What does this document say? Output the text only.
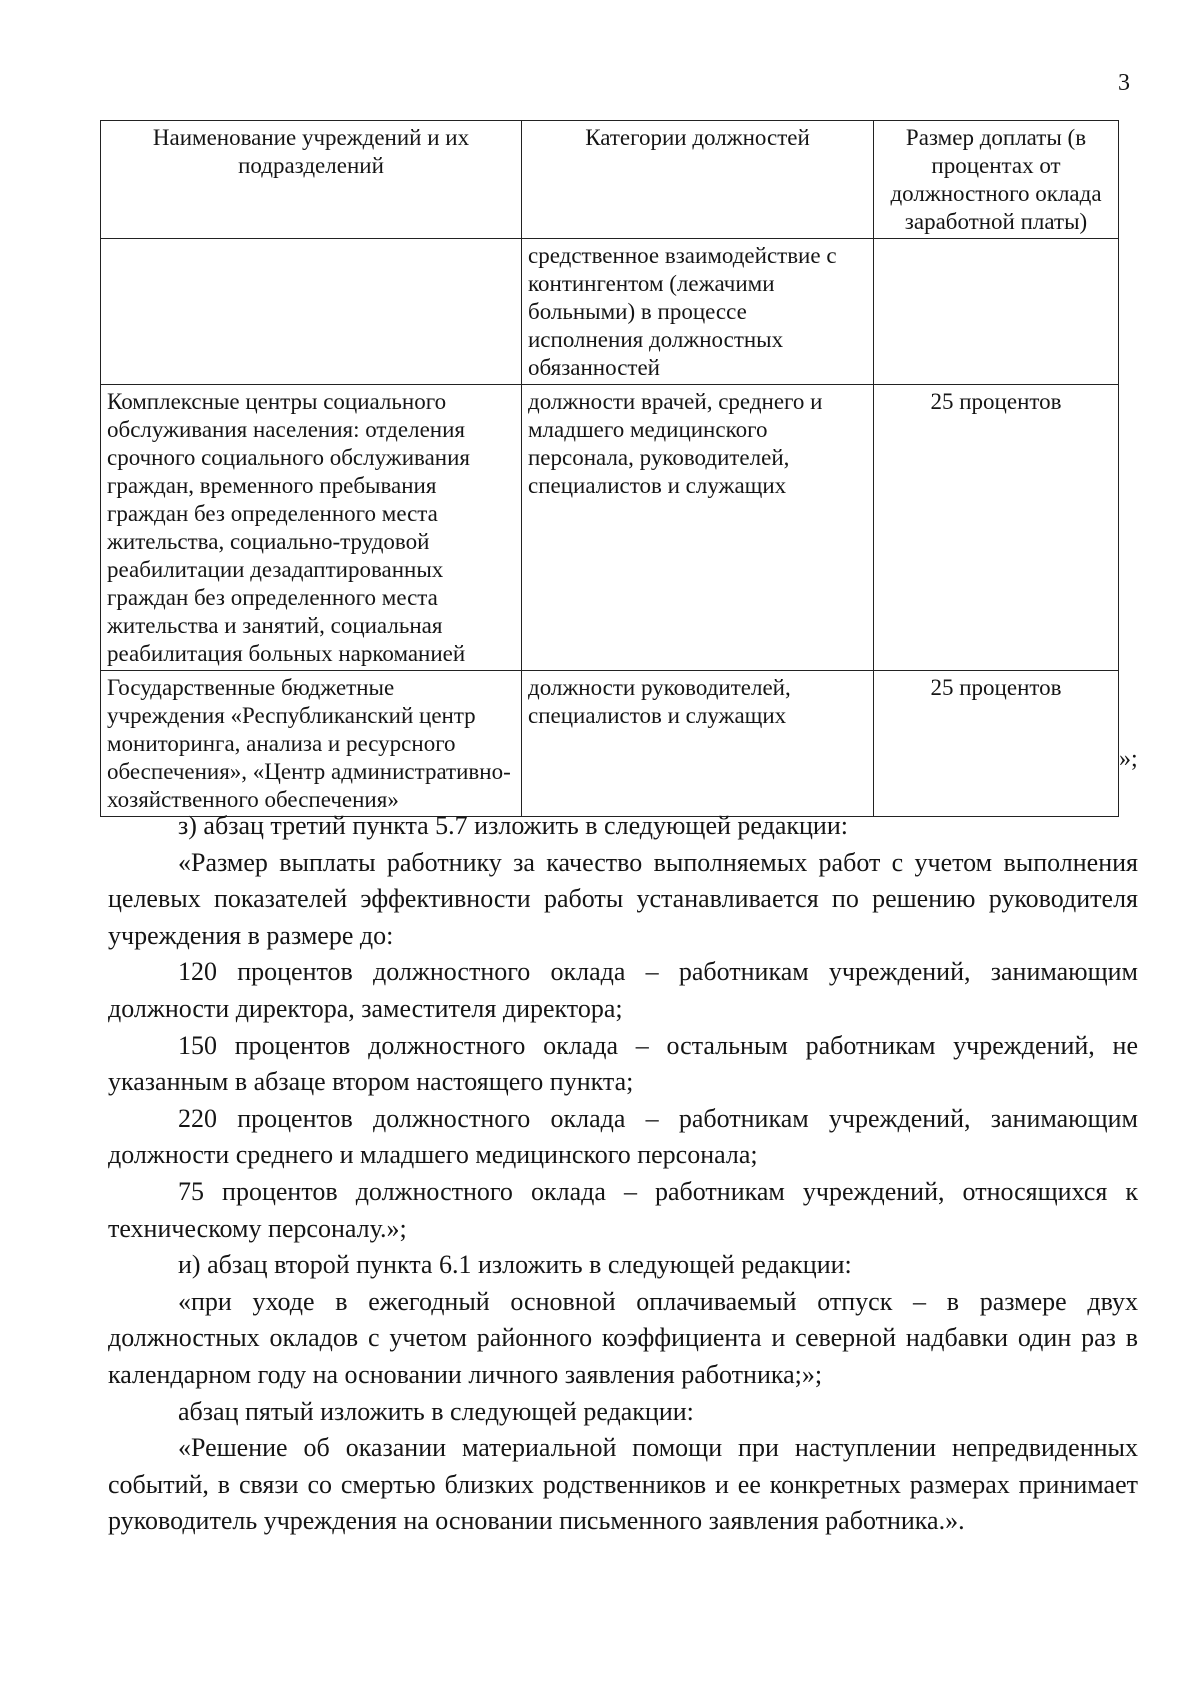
3
Наименование учреждений и их подразделений	Категории должностей	Размер доплаты (в процентах от должностного оклада заработной платы)
	средственное взаимодействие с контингентом (лежачими больными) в процессе исполнения должностных обязанностей	
Комплексные центры социального обслуживания населения: отделения срочного социального обслуживания граждан, временного пребывания граждан без определенного места жительства, социально-трудовой реабилитации дезадаптированных граждан без определенного места жительства и занятий, социальная реабилитация больных наркоманией	должности врачей, среднего и младшего медицинского персонала, руководителей, специалистов и служащих	25 процентов
Государственные бюджетные учреждения «Республиканский центр мониторинга, анализа и ресурсного обеспечения», «Центр административно-хозяйственного обеспечения»	должности руководителей, специалистов и служащих	25 процентов
»;

з) абзац третий пункта 5.7 изложить в следующей редакции:

«Размер выплаты работнику за качество выполняемых работ с учетом выполнения целевых показателей эффективности работы устанавливается по решению руководителя учреждения в размере до:

120 процентов должностного оклада – работникам учреждений, занимающим должности директора, заместителя директора;

150 процентов должностного оклада – остальным работникам учреждений, не указанным в абзаце втором настоящего пункта;

220 процентов должностного оклада – работникам учреждений, занимающим должности среднего и младшего медицинского персонала;

75 процентов должностного оклада – работникам учреждений, относящихся к техническому персоналу.»;

и) абзац второй пункта 6.1 изложить в следующей редакции:

«при уходе в ежегодный основной оплачиваемый отпуск – в размере двух должностных окладов с учетом районного коэффициента и северной надбавки один раз в календарном году на основании личного заявления работника;»;

абзац пятый изложить в следующей редакции:

«Решение об оказании материальной помощи при наступлении непредвиденных событий, в связи со смертью близких родственников и ее конкретных размерах принимает руководитель учреждения на основании письменного заявления работника.».
